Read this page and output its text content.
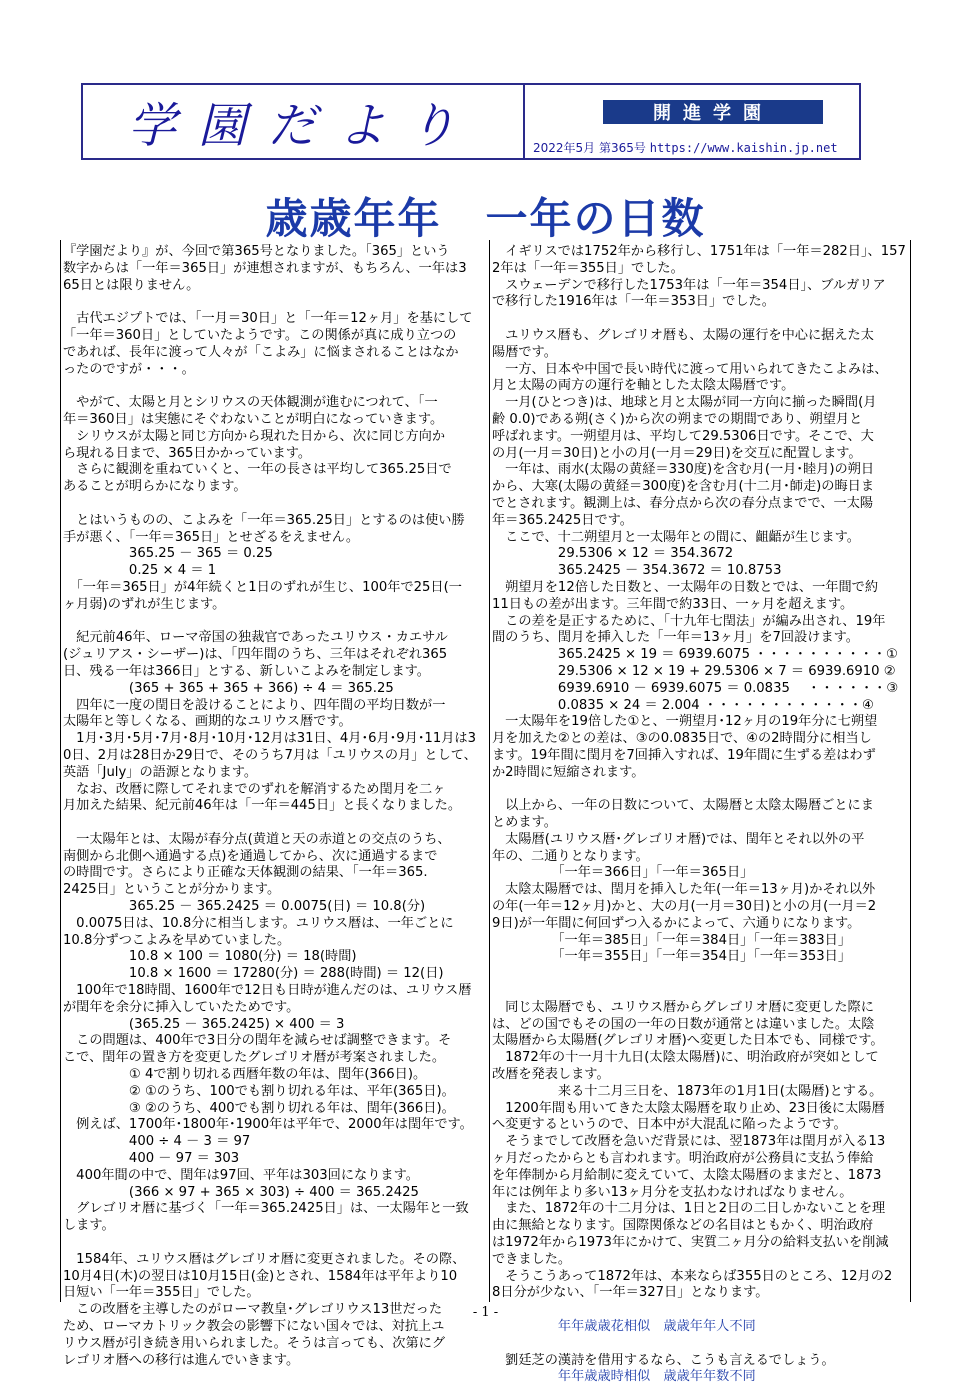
学園だより	開進学園
2022年5月 第365号 https://www.kaishin.jp.net
歳歳年年　一年の日数

『学園だより』が、今回で第365号となりました。「365」という

数字からは「一年＝365日」が連想されますが、もちろん、一年は3

65日とは限りません。

　古代エジプトでは、「一月＝30日」と「一年＝12ヶ月」を基にして

「一年＝360日」としていたようです。この関係が真に成り立つの

であれば、長年に渡って人々が「こよみ」に悩まされることはなか

ったのですが・・・。

　やがて、太陽と月とシリウスの天体観測が進むにつれて、「一

年＝360日」は実態にそぐわないことが明白になっていきます。

　シリウスが太陽と同じ方向から現れた日から、次に同じ方向か

ら現れる日まで、365日かかっています。

　さらに観測を重ねていくと、一年の長さは平均して365.25日で

あることが明らかになります。

　とはいうものの、こよみを「一年＝365.25日」とするのは使い勝

手が悪く、「一年＝365日」とせざるをえません。

　　　　　365.25 － 365 ＝ 0.25

　　　　　0.25 × 4 ＝ 1

　「一年＝365日」が4年続くと1日のずれが生じ、100年で25日(一

ヶ月弱)のずれが生じます。

　紀元前46年、ローマ帝国の独裁官であったユリウス・カエサル

(ジュリアス・シーザー)は、「四年間のうち、三年はそれぞれ365

日、残る一年は366日」とする、新しいこよみを制定します。

　　　　　(365 + 365 + 365 + 366) ÷ 4 ＝ 365.25

　四年に一度の閏日を設けることにより、四年間の平均日数が一

太陽年と等しくなる、画期的なユリウス暦です。

　1月･3月･5月･7月･8月･10月･12月は31日、4月･6月･9月･11月は3

0日、2月は28日か29日で、そのうち7月は「ユリウスの月」として、

英語「July」の語源となります。

　なお、改暦に際してそれまでのずれを解消するため閏月を二ヶ

月加えた結果、紀元前46年は「一年＝445日」と長くなりました。

　一太陽年とは、太陽が春分点(黄道と天の赤道との交点のうち、

南側から北側へ通過する点)を通過してから、次に通過するまで

の時間です。さらにより正確な天体観測の結果、「一年＝365.

2425日」ということが分かります。

　　　　　365.25 － 365.2425 ＝ 0.0075(日) ＝ 10.8(分)

　0.0075日は、10.8分に相当します。ユリウス暦は、一年ごとに

10.8分ずつこよみを早めていました。

　　　　　10.8 × 100 ＝ 1080(分) ＝ 18(時間)

　　　　　10.8 × 1600 ＝ 17280(分) ＝ 288(時間) ＝ 12(日)

　100年で18時間、1600年で12日も日時が進んだのは、ユリウス暦

が閏年を余分に挿入していたためです。

　　　　　(365.25 － 365.2425) × 400 ＝ 3

　この問題は、400年で3日分の閏年を減らせば調整できます。そ

こで、閏年の置き方を変更したグレゴリオ暦が考案されました。

　　　　　① 4で割り切れる西暦年数の年は、閏年(366日)。

　　　　　② ①のうち、100でも割り切れる年は、平年(365日)。

　　　　　③ ②のうち、400でも割り切れる年は、閏年(366日)。

　例えば、1700年･1800年･1900年は平年で、2000年は閏年です。

　　　　　400 ÷ 4 － 3 ＝ 97

　　　　　400 － 97 ＝ 303

　400年間の中で、閏年は97回、平年は303回になります。

　　　　　(366 × 97 + 365 × 303) ÷ 400 ＝ 365.2425

　グレゴリオ暦に基づく「一年＝365.2425日」は、一太陽年と一致

します。

　1584年、ユリウス暦はグレゴリオ暦に変更されました。その際、

10月4日(木)の翌日は10月15日(金)とされ、1584年は平年より10

日短い「一年＝355日」でした。

　この改暦を主導したのがローマ教皇･グレゴリウス13世だった

ため、ローマカトリック教会の影響下にない国々では、対抗上ユ

リウス暦が引き続き用いられました。そうは言っても、次第にグ

レゴリオ暦への移行は進んでいきます。

　イギリスでは1752年から移行し、1751年は「一年＝282日」、157

2年は「一年＝355日」でした。

　スウェーデンで移行した1753年は「一年＝354日」、ブルガリア

で移行した1916年は「一年＝353日」でした。

　ユリウス暦も、グレゴリオ暦も、太陽の運行を中心に据えた太

陽暦です。

　一方、日本や中国で長い時代に渡って用いられてきたこよみは、

月と太陽の両方の運行を軸とした太陰太陽暦です。

　一月(ひとつき)は、地球と月と太陽が同一方向に揃った瞬間(月

齢 0.0)である朔(さく)から次の朔までの期間であり、朔望月と

呼ばれます。一朔望月は、平均して29.5306日です。そこで、大

の月(一月＝30日)と小の月(一月＝29日)を交互に配置します。

　一年は、雨水(太陽の黄経＝330度)を含む月(一月･睦月)の朔日

から、大寒(太陽の黄経＝300度)を含む月(十二月･師走)の晦日ま

でとされます。観測上は、春分点から次の春分点までで、一太陽

年＝365.2425日です。

　ここで、十二朔望月と一太陽年との間に、齟齬が生じます。

　　　　　29.5306 × 12 ＝ 354.3672

　　　　　365.2425 － 354.3672 ＝ 10.8753

　朔望月を12倍した日数と、一太陽年の日数とでは、一年間で約

11日もの差が出ます。三年間で約33日、一ヶ月を超えます。

　この差を是正するために、「十九年七閏法」が編み出され、19年

間のうち、閏月を挿入した「一年＝13ヶ月」を7回設けます。

　　　　　365.2425 × 19 ＝ 6939.6075 ・・・・・・・・・・①

　　　　　29.5306 × 12 × 19 + 29.5306 × 7 ＝ 6939.6910 ②

　　　　　6939.6910 － 6939.6075 ＝ 0.0835 　・・・・・・③

　　　　　0.0835 × 24 ＝ 2.004 ・・・・・・・・・・・・④

　一太陽年を19倍した①と、一朔望月･12ヶ月の19年分に七朔望

月を加えた②との差は、③の0.0835日で、④の2時間分に相当し

ます。19年間に閏月を7回挿入すれば、19年間に生ずる差はわず

か2時間に短縮されます。

　以上から、一年の日数について、太陽暦と太陰太陽暦ごとにま

とめます。

　太陽暦(ユリウス暦･グレゴリオ暦)では、閏年とそれ以外の平

年の、二通りとなります。

　　　　　「一年＝366日」「一年＝365日」

　太陰太陽暦では、閏月を挿入した年(一年＝13ヶ月)かそれ以外

の年(一年＝12ヶ月)かと、大の月(一月＝30日)と小の月(一月＝2

9日)が一年間に何回ずつ入るかによって、六通りになります。

　　　　　「一年＝385日」「一年＝384日」「一年＝383日」

　　　　　「一年＝355日」「一年＝354日」「一年＝353日」

　同じ太陽暦でも、ユリウス暦からグレゴリオ暦に変更した際に

は、どの国でもその国の一年の日数が通常とは違いました。太陰

太陽暦から太陽暦(グレゴリオ暦)へ変更した日本でも、同様です。

　1872年の十一月十九日(太陰太陽暦)に、明治政府が突如として

改暦を発表します。

　　　　　来る十二月三日を、1873年の1月1日(太陽暦)とする。

　1200年間も用いてきた太陰太陽暦を取り止め、23日後に太陽暦

へ変更するというので、日本中が大混乱に陥ったようです。

　そうまでして改暦を急いだ背景には、翌1873年は閏月が入る13

ヶ月だったからとも言われます。明治政府が公務員に支払う俸給

を年俸制から月給制に変えていて、太陰太陽暦のままだと、1873

年には例年より多い13ヶ月分を支払わなければなりません。

　また、1872年の十二月分は、1日と2日の二日しかないことを理

由に無給となります。国際関係などの名目はともかく、明治政府

は1972年から1973年にかけて、実質二ヶ月分の給料支払いを削減

できました。

　そうこうあって1872年は、本来ならば355日のところ、12月の2

8日分が少ない、「一年＝327日」となります。

　　　　　年年歳歳花相似　歳歳年年人不同

　劉廷芝の漢詩を借用するなら、こうも言えるでしょう。

　　　　　年年歳歳時相似　歳歳年年数不同

- 1 -
